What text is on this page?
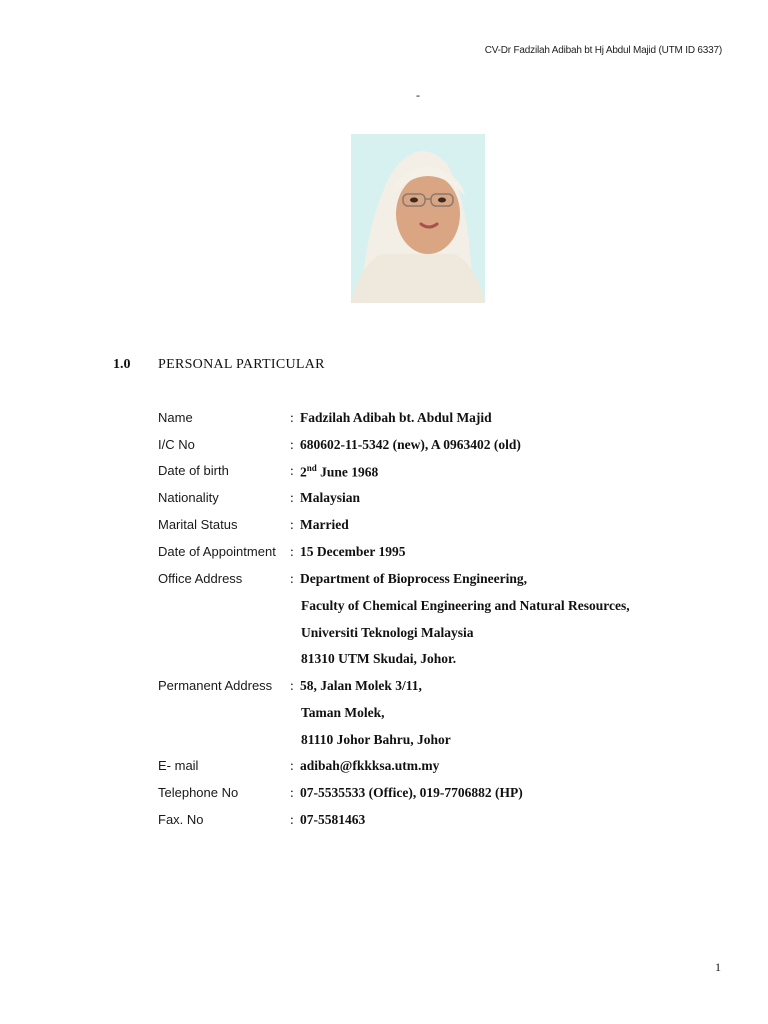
CV-Dr Fadzilah Adibah bt Hj Abdul Majid (UTM ID 6337)
-
1.0 PERSONAL PARTICULAR
Name	: Fadzilah Adibah bt. Abdul Majid
I/C No	: 680602-11-5342 (new), A 0963402 (old)
Date of birth	: 2nd June 1968
Nationality	: Malaysian
Marital Status	: Married
Date of Appointment	: 15 December 1995
Office Address	: Department of Bioprocess Engineering,
Faculty of Chemical Engineering and Natural Resources,
Universiti Teknologi Malaysia
81310 UTM Skudai, Johor.
Permanent Address	: 58, Jalan Molek 3/11,
Taman Molek,
81110 Johor Bahru, Johor
E- mail	: adibah@fkkksa.utm.my
Telephone No	: 07-5535533 (Office), 019-7706882 (HP)
Fax. No	: 07-5581463
1
